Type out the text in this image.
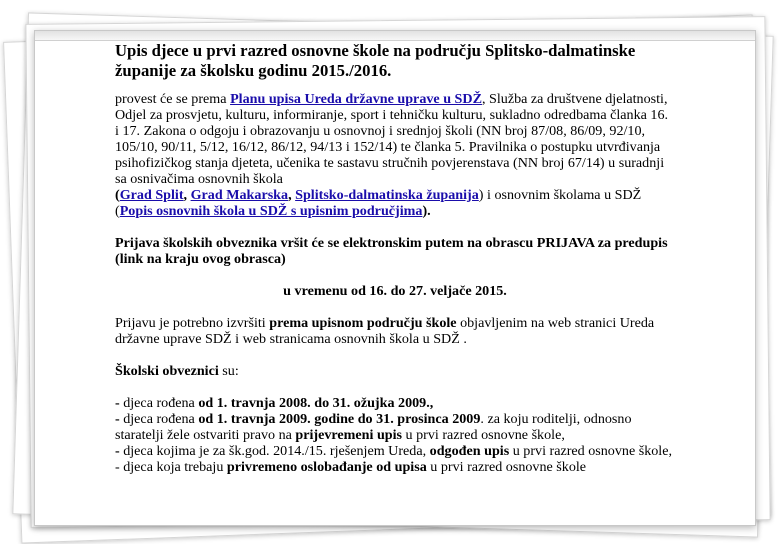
Upis djece u prvi razred osnovne škole na području Splitsko-dalmatinske županije za školsku godinu 2015./2016.

provest će se prema Planu upisa Ureda državne uprave u SDŽ, Služba za društvene djelatnosti, Odjel za prosvjetu, kulturu, informiranje, sport i tehničku kulturu, sukladno odredbama članka 16. i 17. Zakona o odgoju i obrazovanju u osnovnoj i srednjoj školi (NN broj 87/08, 86/09, 92/10, 105/10, 90/11, 5/12, 16/12, 86/12, 94/13 i 152/14) te članka 5. Pravilnika o postupku utvrđivanja psihofizičkog stanja djeteta, učenika te sastavu stručnih povjerenstava (NN broj 67/14) u suradnji sa osnivačima osnovnih škola
(Grad Split, Grad Makarska, Splitsko-dalmatinska županija) i osnovnim školama u SDŽ (Popis osnovnih škola u SDŽ s upisnim područjima).

Prijava školskih obveznika vršit će se elektronskim putem na obrascu PRIJAVA za predupis (link na kraju ovog obrasca)

u vremenu od 16. do 27. veljače 2015.

Prijavu je potrebno izvršiti prema upisnom području škole objavljenim na web stranici Ureda državne uprave SDŽ i web stranicama osnovnih škola u SDŽ .

Školski obveznici su:

- djeca rođena od 1. travnja 2008. do 31. ožujka 2009.,

- djeca rođena od 1. travnja 2009. godine do 31. prosinca 2009. za koju roditelji, odnosno staratelji žele ostvariti pravo na prijevremeni upis u prvi razred osnovne škole,

- djeca kojima je za šk.god. 2014./15. rješenjem Ureda, odgođen upis u prvi razred osnovne škole,

- djeca koja trebaju privremeno oslobađanje od upisa u prvi razred osnovne škole
